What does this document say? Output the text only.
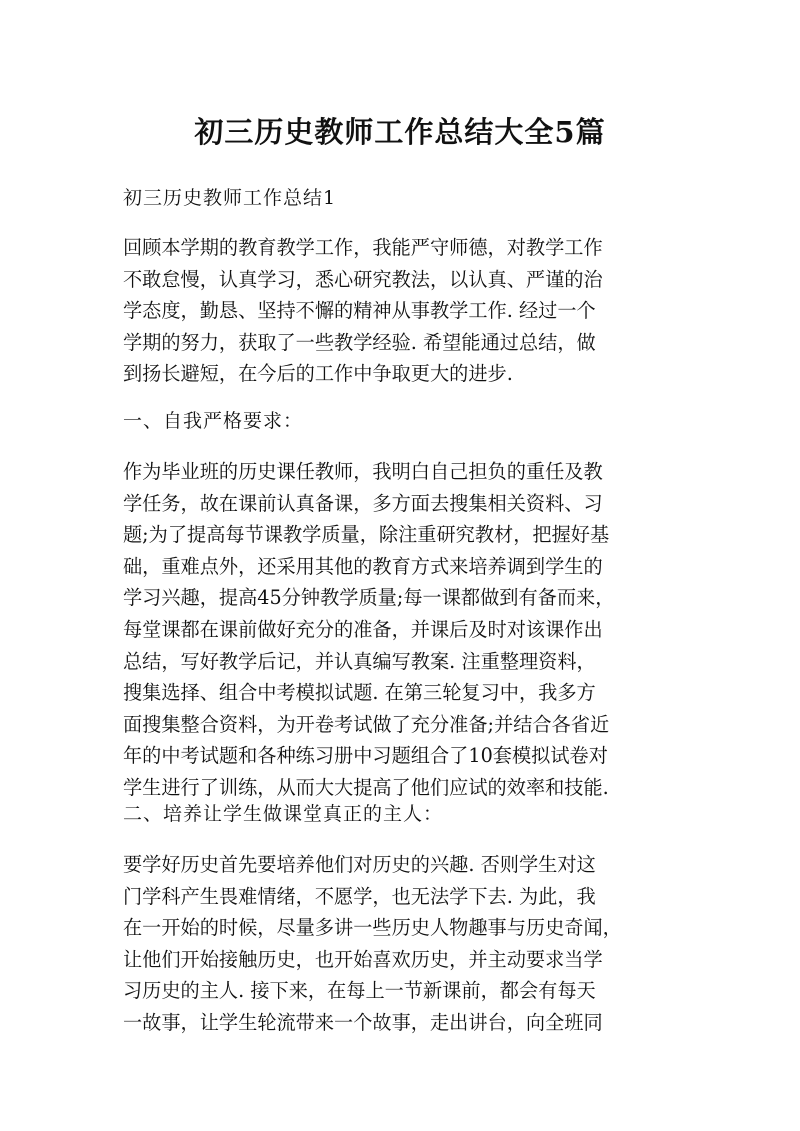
初三历史教师工作总结大全5篇

初三历史教师工作总结1

回顾本学期的教育教学工作，我能严守师德，对教学工作
不敢怠慢，认真学习，悉心研究教法，以认真、严谨的治
学态度，勤恳、坚持不懈的精神从事教学工作. 经过一个
学期的努力，获取了一些教学经验. 希望能通过总结，做
到扬长避短，在今后的工作中争取更大的进步.

一、自我严格要求：

作为毕业班的历史课任教师，我明白自己担负的重任及教
学任务，故在课前认真备课，多方面去搜集相关资料、习
题;为了提高每节课教学质量，除注重研究教材，把握好基
础，重难点外，还采用其他的教育方式来培养调到学生的
学习兴趣，提高45分钟教学质量;每一课都做到有备而来，
每堂课都在课前做好充分的准备，并课后及时对该课作出
总结，写好教学后记，并认真编写教案. 注重整理资料，
搜集选择、组合中考模拟试题. 在第三轮复习中，我多方
面搜集整合资料，为开卷考试做了充分准备;并结合各省近
年的中考试题和各种练习册中习题组合了10套模拟试卷对
学生进行了训练，从而大大提高了他们应试的效率和技能.

二、培养让学生做课堂真正的主人：

要学好历史首先要培养他们对历史的兴趣. 否则学生对这
门学科产生畏难情绪，不愿学，也无法学下去. 为此，我
在一开始的时候，尽量多讲一些历史人物趣事与历史奇闻，
让他们开始接触历史，也开始喜欢历史，并主动要求当学
习历史的主人. 接下来，在每上一节新课前，都会有每天
一故事，让学生轮流带来一个故事，走出讲台，向全班同
